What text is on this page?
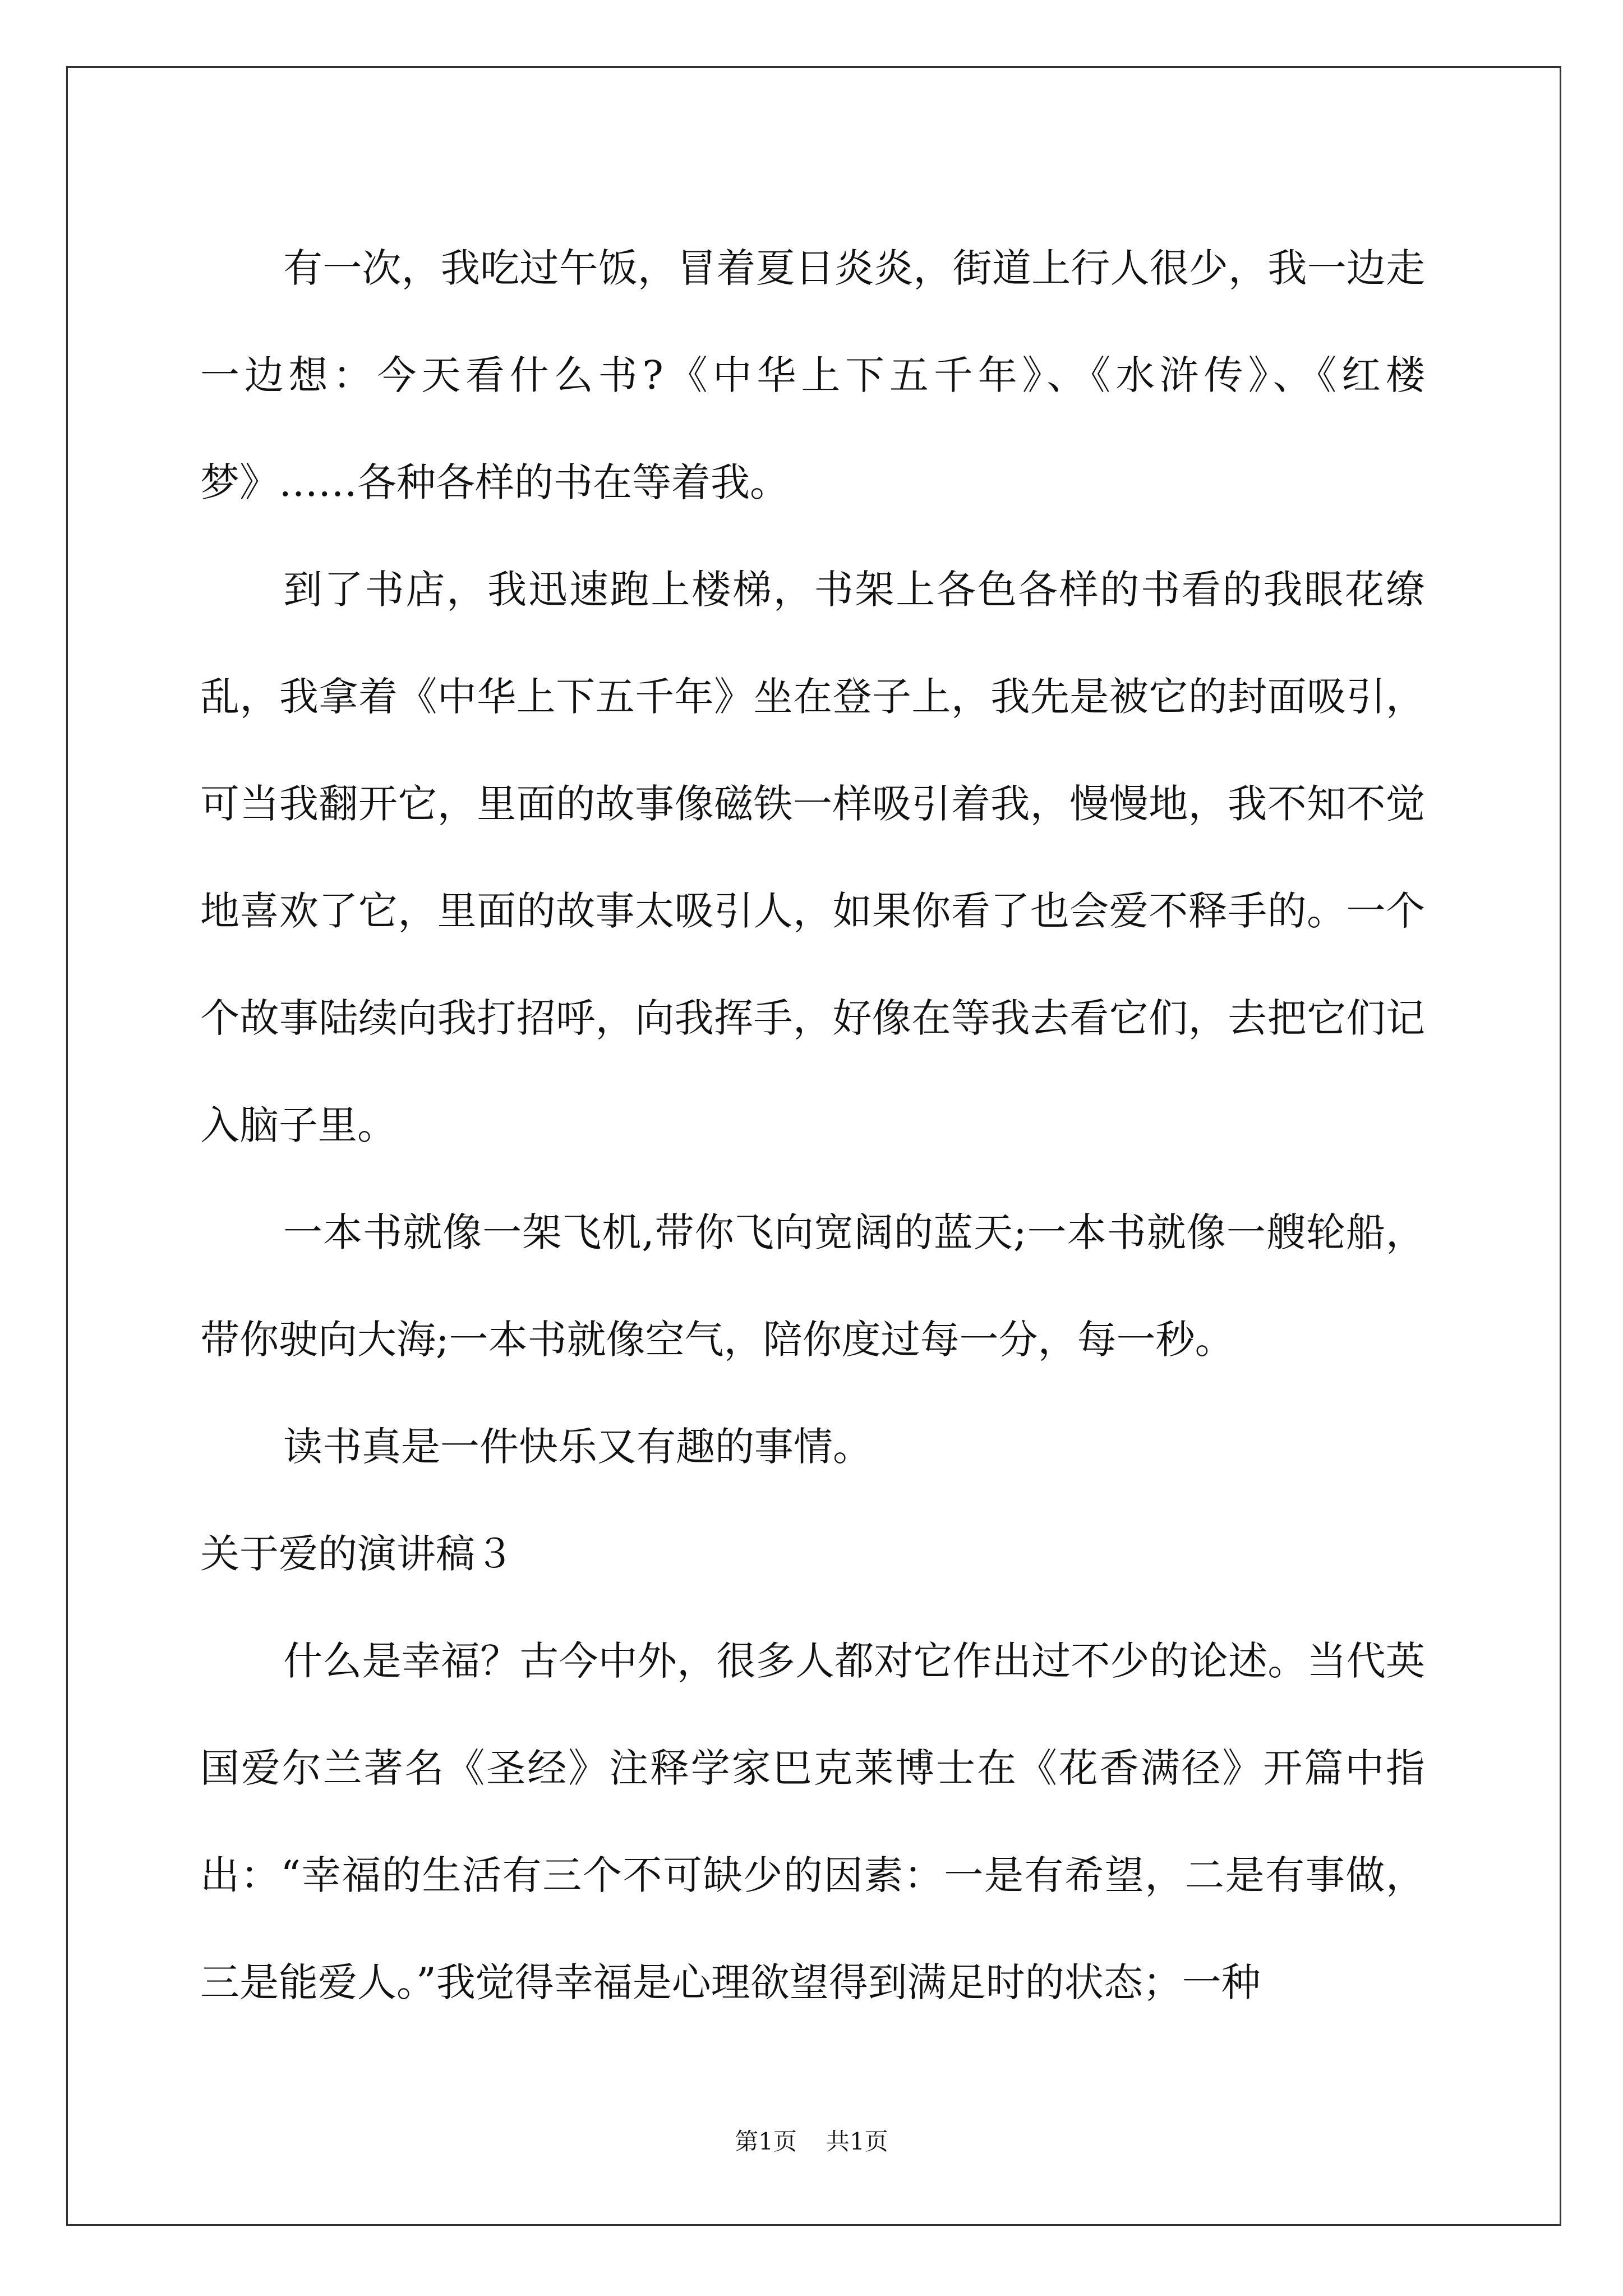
有一次，我吃过午饭，冒着夏日炎炎，街道上行人很少，我一边走一边想：今天看什么书?《中华上下五千年》、《水浒传》、《红楼梦》……各种各样的书在等着我。

到了书店，我迅速跑上楼梯，书架上各色各样的书看的我眼花缭乱，我拿着《中华上下五千年》坐在登子上，我先是被它的封面吸引，可当我翻开它，里面的故事像磁铁一样吸引着我，慢慢地，我不知不觉地喜欢了它，里面的故事太吸引人，如果你看了也会爱不释手的。一个个故事陆续向我打招呼，向我挥手，好像在等我去看它们，去把它们记入脑子里。

一本书就像一架飞机,带你飞向宽阔的蓝天;一本书就像一艘轮船，带你驶向大海;一本书就像空气，陪你度过每一分，每一秒。

读书真是一件快乐又有趣的事情。

关于爱的演讲稿３

什么是幸福？古今中外，很多人都对它作出过不少的论述。当代英国爱尔兰著名《圣经》注释学家巴克莱博士在《花香满径》开篇中指出：“幸福的生活有三个不可缺少的因素：一是有希望，二是有事做，三是能爱人。”我觉得幸福是心理欲望得到满足时的状态；一种

第1页 共1页
